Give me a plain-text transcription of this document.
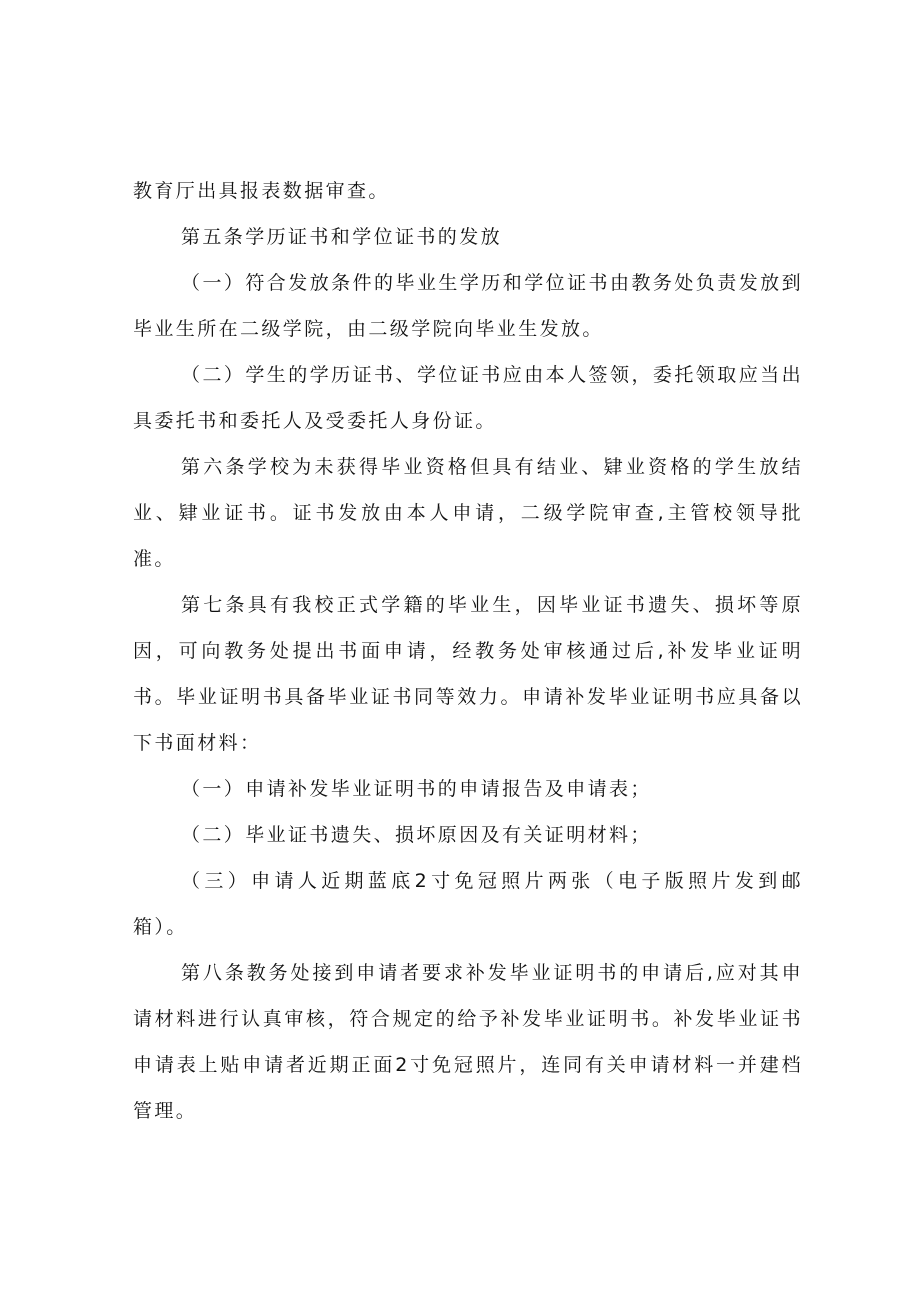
教育厅出具报表数据审查。

第五条学历证书和学位证书的发放

（一）符合发放条件的毕业生学历和学位证书由教务处负责发放到毕业生所在二级学院，由二级学院向毕业生发放。

（二）学生的学历证书、学位证书应由本人签领，委托领取应当出具委托书和委托人及受委托人身份证。

第六条学校为未获得毕业资格但具有结业、肄业资格的学生放结业、肄业证书。证书发放由本人申请，二级学院审查,主管校领导批准。

第七条具有我校正式学籍的毕业生，因毕业证书遗失、损坏等原因，可向教务处提出书面申请，经教务处审核通过后,补发毕业证明书。毕业证明书具备毕业证书同等效力。申请补发毕业证明书应具备以下书面材料：

（一）申请补发毕业证明书的申请报告及申请表；

（二）毕业证书遗失、损坏原因及有关证明材料；

（三）申请人近期蓝底2寸免冠照片两张（电子版照片发到邮箱）。

第八条教务处接到申请者要求补发毕业证明书的申请后,应对其申请材料进行认真审核，符合规定的给予补发毕业证明书。补发毕业证书申请表上贴申请者近期正面2寸免冠照片，连同有关申请材料一并建档管理。
